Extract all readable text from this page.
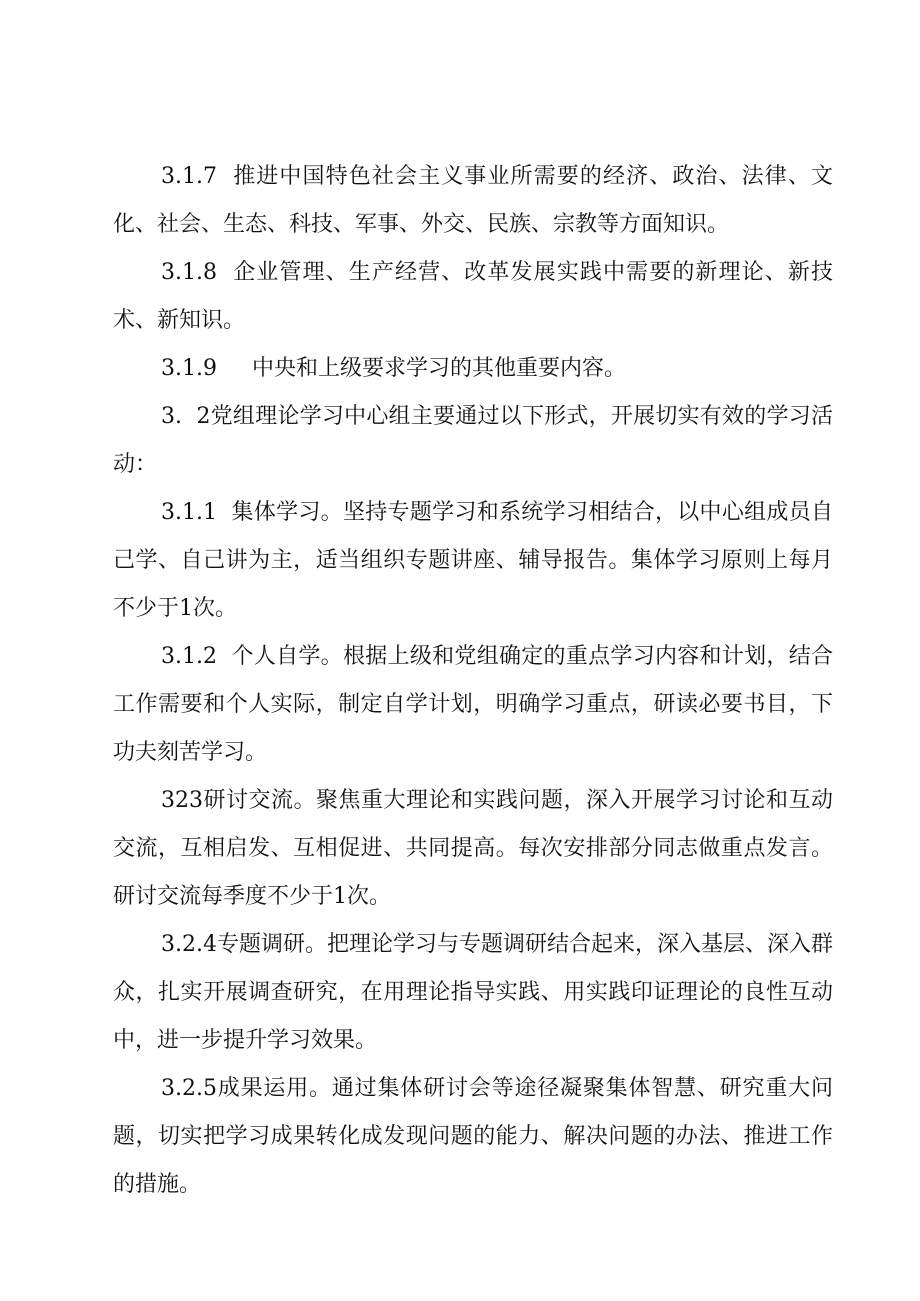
3.1.7  推进中国特色社会主义事业所需要的经济、政治、法律、文化、社会、生态、科技、军事、外交、民族、宗教等方面知识。

3.1.8  企业管理、生产经营、改革发展实践中需要的新理论、新技术、新知识。

3.1.9     中央和上级要求学习的其他重要内容。

3.  2党组理论学习中心组主要通过以下形式，开展切实有效的学习活动：

3.1.1  集体学习。坚持专题学习和系统学习相结合，以中心组成员自己学、自己讲为主，适当组织专题讲座、辅导报告。集体学习原则上每月不少于1次。

3.1.2  个人自学。根据上级和党组确定的重点学习内容和计划，结合工作需要和个人实际，制定自学计划，明确学习重点，研读必要书目，下功夫刻苦学习。

323研讨交流。聚焦重大理论和实践问题，深入开展学习讨论和互动交流，互相启发、互相促进、共同提高。每次安排部分同志做重点发言。研讨交流每季度不少于1次。

3.2.4专题调研。把理论学习与专题调研结合起来，深入基层、深入群众，扎实开展调查研究，在用理论指导实践、用实践印证理论的良性互动中，进一步提升学习效果。

3.2.5成果运用。通过集体研讨会等途径凝聚集体智慧、研究重大问题，切实把学习成果转化成发现问题的能力、解决问题的办法、推进工作的措施。
